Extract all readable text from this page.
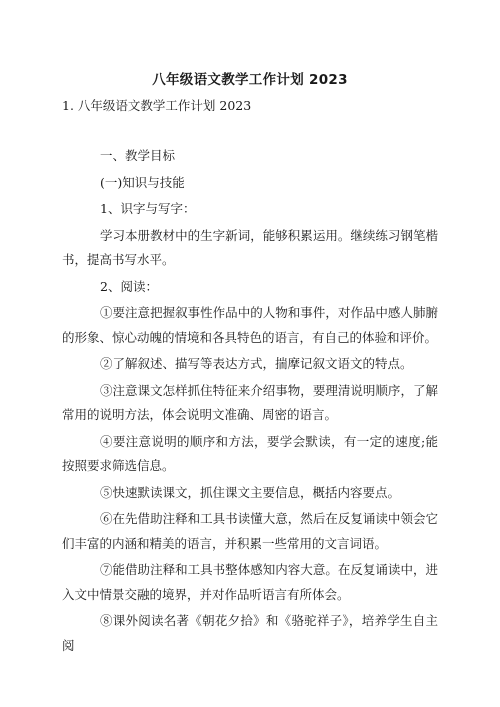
八年级语文教学工作计划 2023
1. 八年级语文教学工作计划 2023

一、教学目标

(一)知识与技能

1、识字与写字：

学习本册教材中的生字新词，能够积累运用。继续练习钢笔楷书，提高书写水平。

2、阅读：

①要注意把握叙事性作品中的人物和事件，对作品中感人肺腑的形象、惊心动魄的情境和各具特色的语言，有自己的体验和评价。

②了解叙述、描写等表达方式，揣摩记叙文语文的特点。

③注意课文怎样抓住特征来介绍事物，要理清说明顺序，了解常用的说明方法，体会说明文准确、周密的语言。

④要注意说明的顺序和方法，要学会默读，有一定的速度;能按照要求筛选信息。

⑤快速默读课文，抓住课文主要信息，概括内容要点。

⑥在先借助注释和工具书读懂大意，然后在反复诵读中领会它们丰富的内涵和精美的语言，并积累一些常用的文言词语。

⑦能借助注释和工具书整体感知内容大意。在反复诵读中，进入文中情景交融的境界，并对作品听语言有所体会。

⑧课外阅读名著《朝花夕拾》和《骆驼祥子》，培养学生自主阅
